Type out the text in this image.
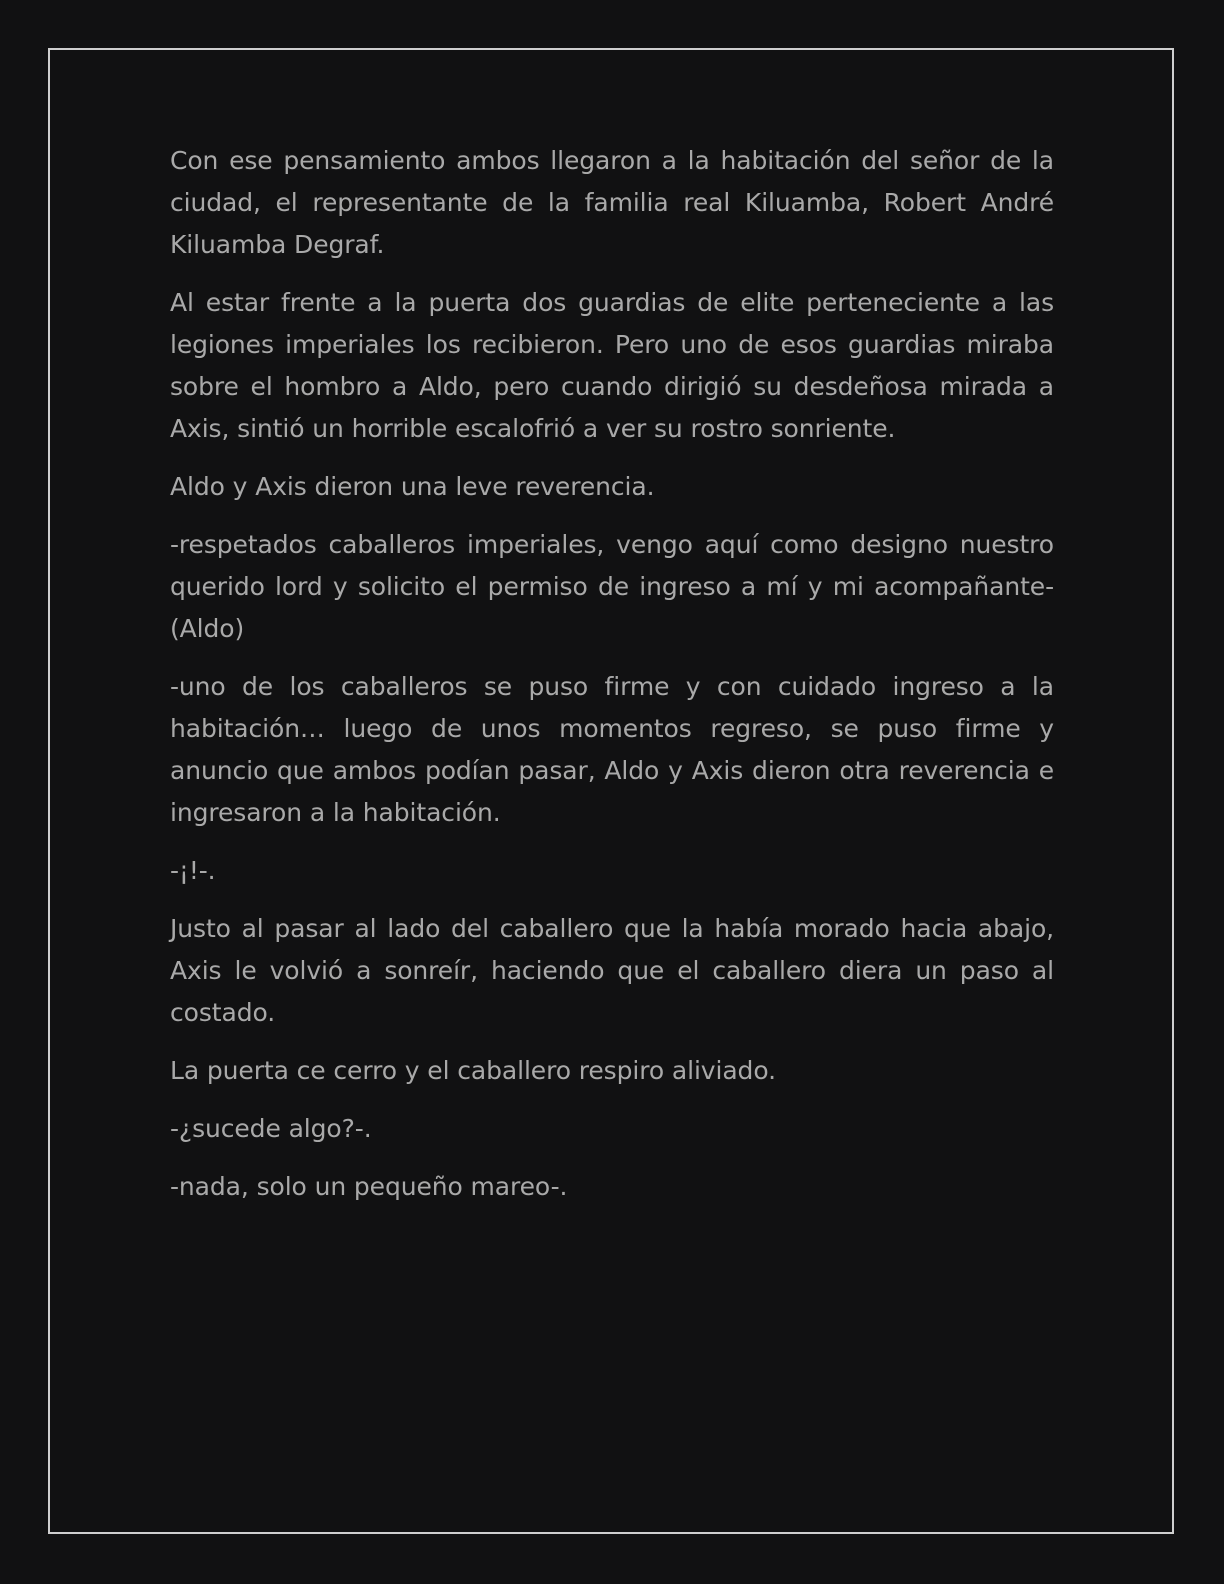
Con ese pensamiento ambos llegaron a la habitación del señor de la ciudad, el representante de la familia real Kiluamba, Robert André Kiluamba Degraf.

Al estar frente a la puerta dos guardias de elite perteneciente a las legiones imperiales los recibieron. Pero uno de esos guardias miraba sobre el hombro a Aldo, pero cuando dirigió su desdeñosa mirada a Axis, sintió un horrible escalofrió a ver su rostro sonriente.

Aldo y Axis dieron una leve reverencia.

-respetados caballeros imperiales, vengo aquí como designo nuestro querido lord y solicito el permiso de ingreso a mí y mi acompañante-(Aldo)

-uno de los caballeros se puso firme y con cuidado ingreso a la habitación… luego de unos momentos regreso, se puso firme y anuncio que ambos podían pasar, Aldo y Axis dieron otra reverencia e ingresaron a la habitación.

-¡!-.

Justo al pasar al lado del caballero que la había morado hacia abajo, Axis le volvió a sonreír, haciendo que el caballero diera un paso al costado.

La puerta ce cerro y el caballero respiro aliviado.

-¿sucede algo?-.

-nada, solo un pequeño mareo-.
